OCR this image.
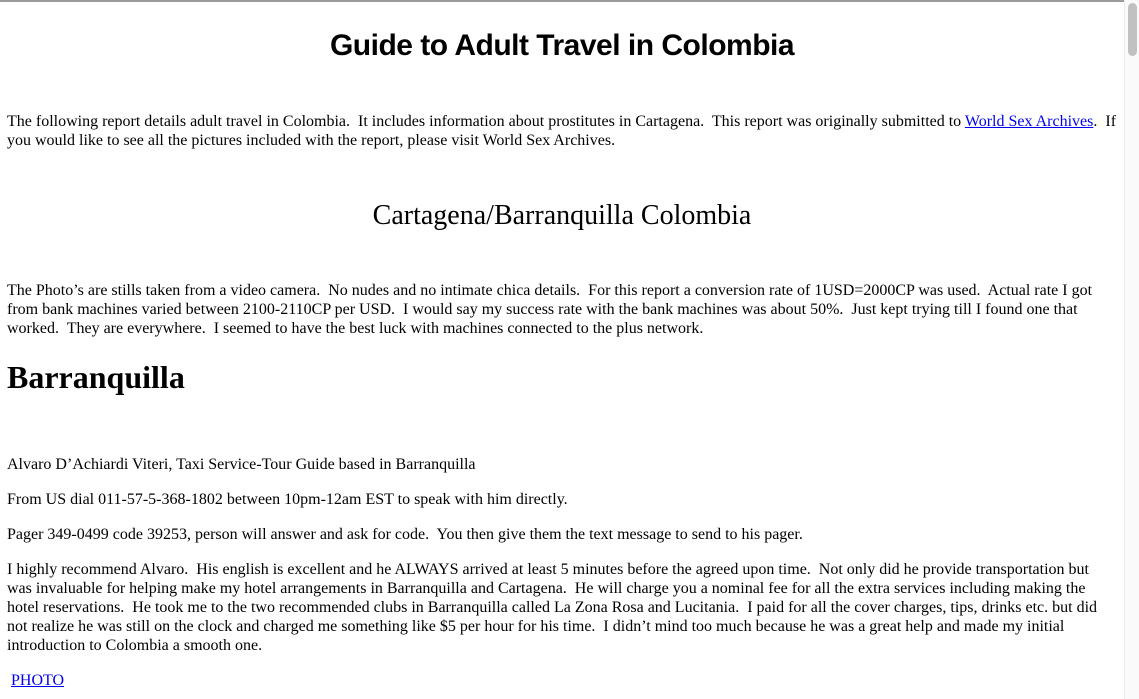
Guide to Adult Travel in Colombia

The following report details adult travel in Colombia.  It includes information about prostitutes in Cartagena.  This report was originally submitted to World Sex Archives.  If you would like to see all the pictures included with the report, please visit World Sex Archives.

Cartagena/Barranquilla Colombia

The Photo’s are stills taken from a video camera.  No nudes and no intimate chica details.  For this report a conversion rate of 1USD=2000CP was used.  Actual rate I got from bank machines varied between 2100-2110CP per USD.  I would say my success rate with the bank machines was about 50%.  Just kept trying till I found one that worked.  They are everywhere.  I seemed to have the best luck with machines connected to the plus network.

Barranquilla

Alvaro D’Achiardi Viteri, Taxi Service-Tour Guide based in Barranquilla

From US dial 011-57-5-368-1802 between 10pm-12am EST to speak with him directly.

Pager 349-0499 code 39253, person will answer and ask for code.  You then give them the text message to send to his pager.

I highly recommend Alvaro.  His english is excellent and he ALWAYS arrived at least 5 minutes before the agreed upon time.  Not only did he provide transportation but was invaluable for helping make my hotel arrangements in Barranquilla and Cartagena.  He will charge you a nominal fee for all the extra services including making the hotel reservations.  He took me to the two recommended clubs in Barranquilla called La Zona Rosa and Lucitania.  I paid for all the cover charges, tips, drinks etc. but did not realize he was still on the clock and charged me something like $5 per hour for his time.  I didn’t mind too much because he was a great help and made my initial introduction to Colombia a smooth one.

PHOTO
